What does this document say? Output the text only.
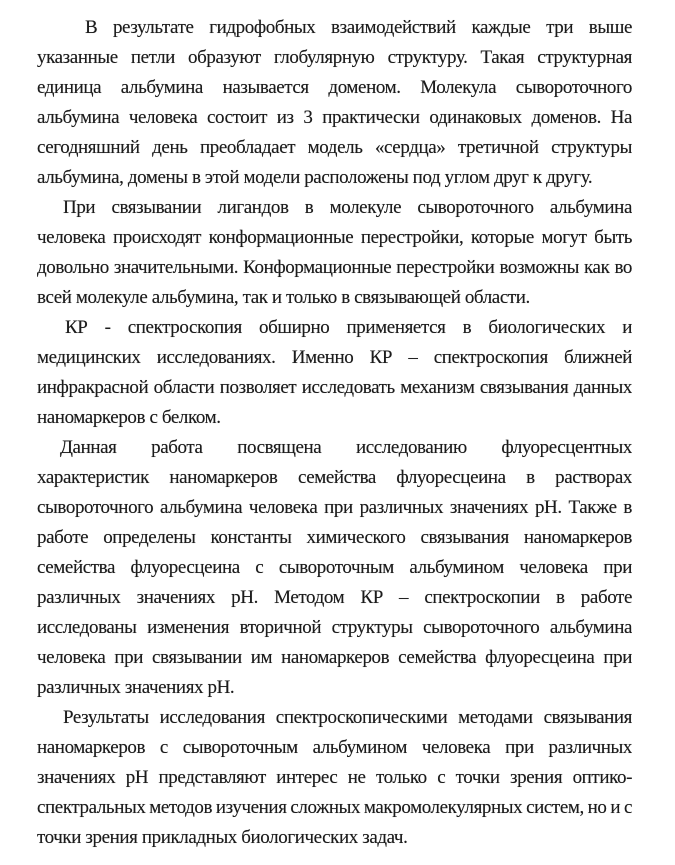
В результате гидрофобных взаимодействий каждые три выше
указанные петли образуют глобулярную структуру. Такая структурная
единица альбумина называется доменом. Молекула сывороточного
альбумина человека состоит из 3 практически одинаковых доменов. На
сегодняшний день преобладает модель «сердца» третичной структуры
альбумина, домены в этой модели расположены под углом друг к другу.

При связывании лигандов в молекуле сывороточного альбумина
человека происходят конформационные перестройки, которые могут быть
довольно значительными. Конформационные перестройки возможны как во
всей молекуле альбумина, так и только в связывающей области.

КР - спектроскопия обширно применяется в биологических и
медицинских исследованиях. Именно КР – спектроскопия ближней
инфракрасной области позволяет исследовать механизм связывания данных
наномаркеров с белком.

Данная работа посвящена исследованию флуоресцентных
характеристик наномаркеров семейства флуоресцеина в растворах
сывороточного альбумина человека при различных значениях pH. Также в
работе определены константы химического связывания наномаркеров
семейства флуоресцеина с сывороточным альбумином человека при
различных значениях pH. Методом КР – спектроскопии в работе
исследованы изменения вторичной структуры сывороточного альбумина
человека при связывании им наномаркеров семейства флуоресцеина при
различных значениях pH.

Результаты исследования спектроскопическими методами связывания
наномаркеров с сывороточным альбумином человека при различных
значениях pH представляют интерес не только с точки зрения оптико-
спектральных методов изучения сложных макромолекулярных систем, но и с
точки зрения прикладных биологических задач.
